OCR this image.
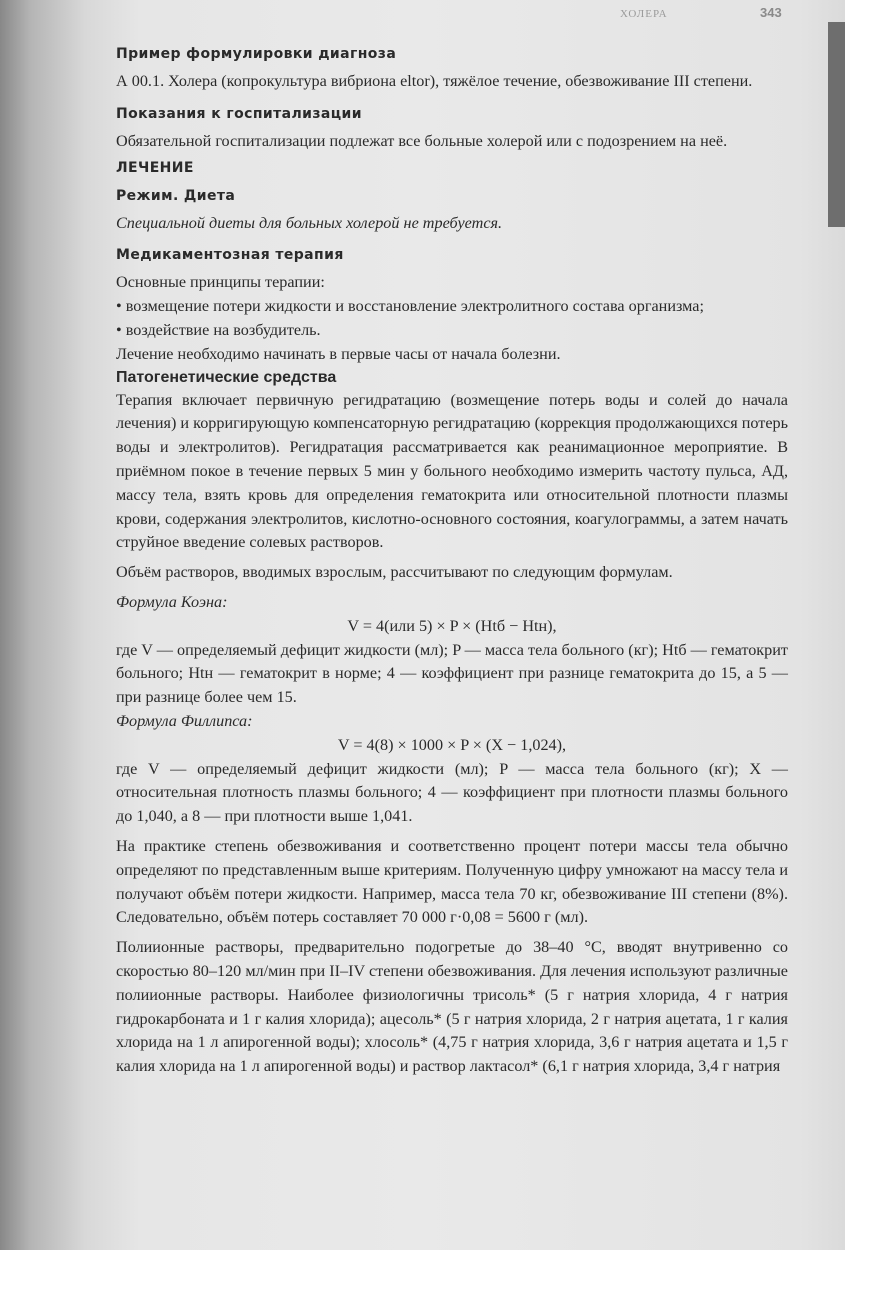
ХОЛЕРА	343
Пример формулировки диагноза

А 00.1. Холера (копрокультура вибриона eltor), тяжёлое течение, обезвоживание III степени.

Показания к госпитализации

Обязательной госпитализации подлежат все больные холерой или с подозрением на неё.

ЛЕЧЕНИЕ
Режим. Диета

Специальной диеты для больных холерой не требуется.

Медикаментозная терапия

Основные принципы терапии:

• возмещение потери жидкости и восстановление электролитного состава организма;

• воздействие на возбудитель.

Лечение необходимо начинать в первые часы от начала болезни.

Патогенетические средства

Терапия включает первичную регидратацию (возмещение потерь воды и солей до начала лечения) и корригирующую компенсаторную регидратацию (коррекция продолжающихся потерь воды и электролитов). Регидратация рассматривается как реанимационное мероприятие. В приёмном покое в течение первых 5 мин у больного необходимо измерить частоту пульса, АД, массу тела, взять кровь для определения гематокрита или относительной плотности плазмы крови, содержания электролитов, кислотно-основного состояния, коагулограммы, а затем начать струйное введение солевых растворов.

Объём растворов, вводимых взрослым, рассчитывают по следующим формулам.

Формула Коэна:

V = 4(или 5) × P × (Htб − Htн),

где V — определяемый дефицит жидкости (мл); P — масса тела больного (кг); Htб — гематокрит больного; Htн — гематокрит в норме; 4 — коэффициент при разнице гематокрита до 15, а 5 — при разнице более чем 15.

Формула Филлипса:

V = 4(8) × 1000 × P × (X − 1,024),

где V — определяемый дефицит жидкости (мл); P — масса тела больного (кг); X — относительная плотность плазмы больного; 4 — коэффициент при плотности плазмы больного до 1,040, а 8 — при плотности выше 1,041.

На практике степень обезвоживания и соответственно процент потери массы тела обычно определяют по представленным выше критериям. Полученную цифру умножают на массу тела и получают объём потери жидкости. Например, масса тела 70 кг, обезвоживание III степени (8%). Следовательно, объём потерь составляет 70 000 г·0,08 = 5600 г (мл).

Полиионные растворы, предварительно подогретые до 38–40 °С, вводят внутривенно со скоростью 80–120 мл/мин при II–IV степени обезвоживания. Для лечения используют различные полиионные растворы. Наиболее физиологичны трисоль* (5 г натрия хлорида, 4 г натрия гидрокарбоната и 1 г калия хлорида); ацесоль* (5 г натрия хлорида, 2 г натрия ацетата, 1 г калия хлорида на 1 л апирогенной воды); хлосоль* (4,75 г натрия хлорида, 3,6 г натрия ацетата и 1,5 г калия хлорида на 1 л апирогенной воды) и раствор лактасол* (6,1 г натрия хлорида, 3,4 г натрия
